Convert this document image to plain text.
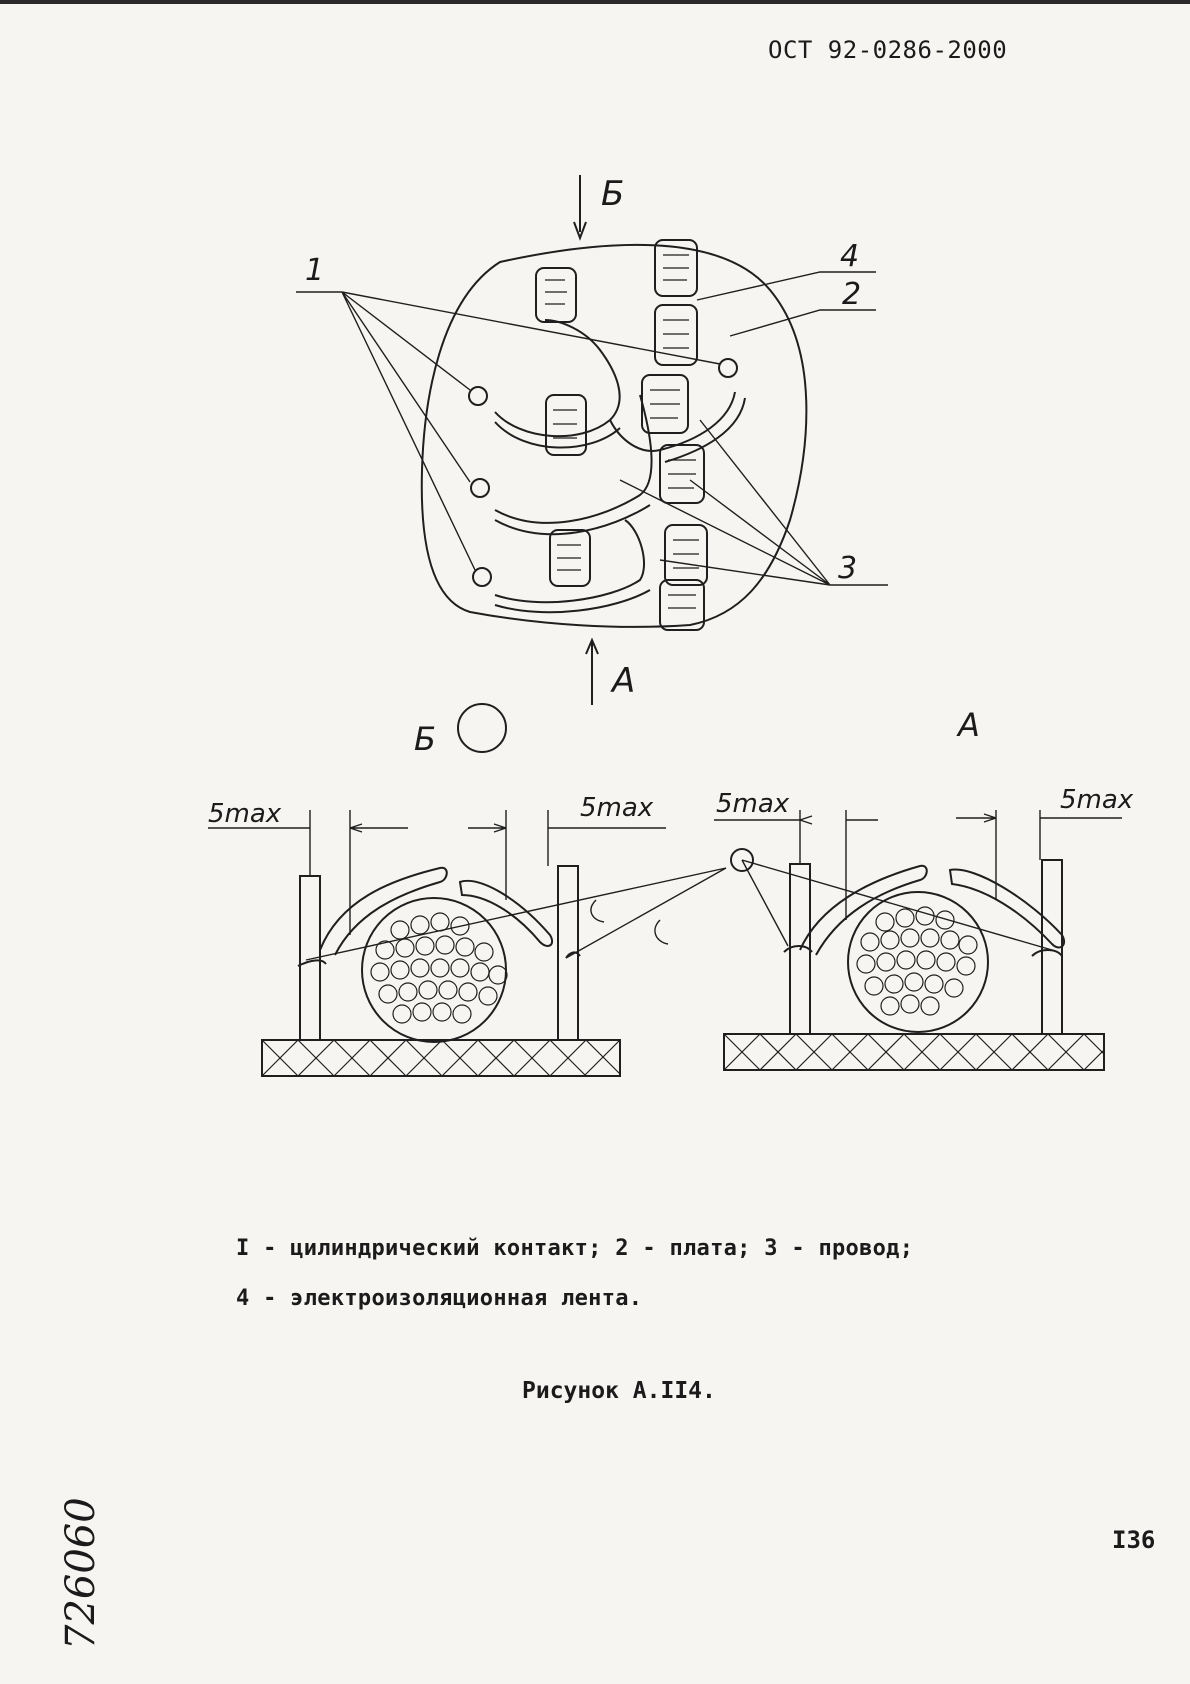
ОСТ 92-0286-2000
Б
А
Б	А
1
2
3
4
5max	5max 5max	5max
I - цилиндрический контакт; 2 - плата; 3 - провод;
4 - электроизоляционная лента.
Рисунок А.II4.
I36
726060
